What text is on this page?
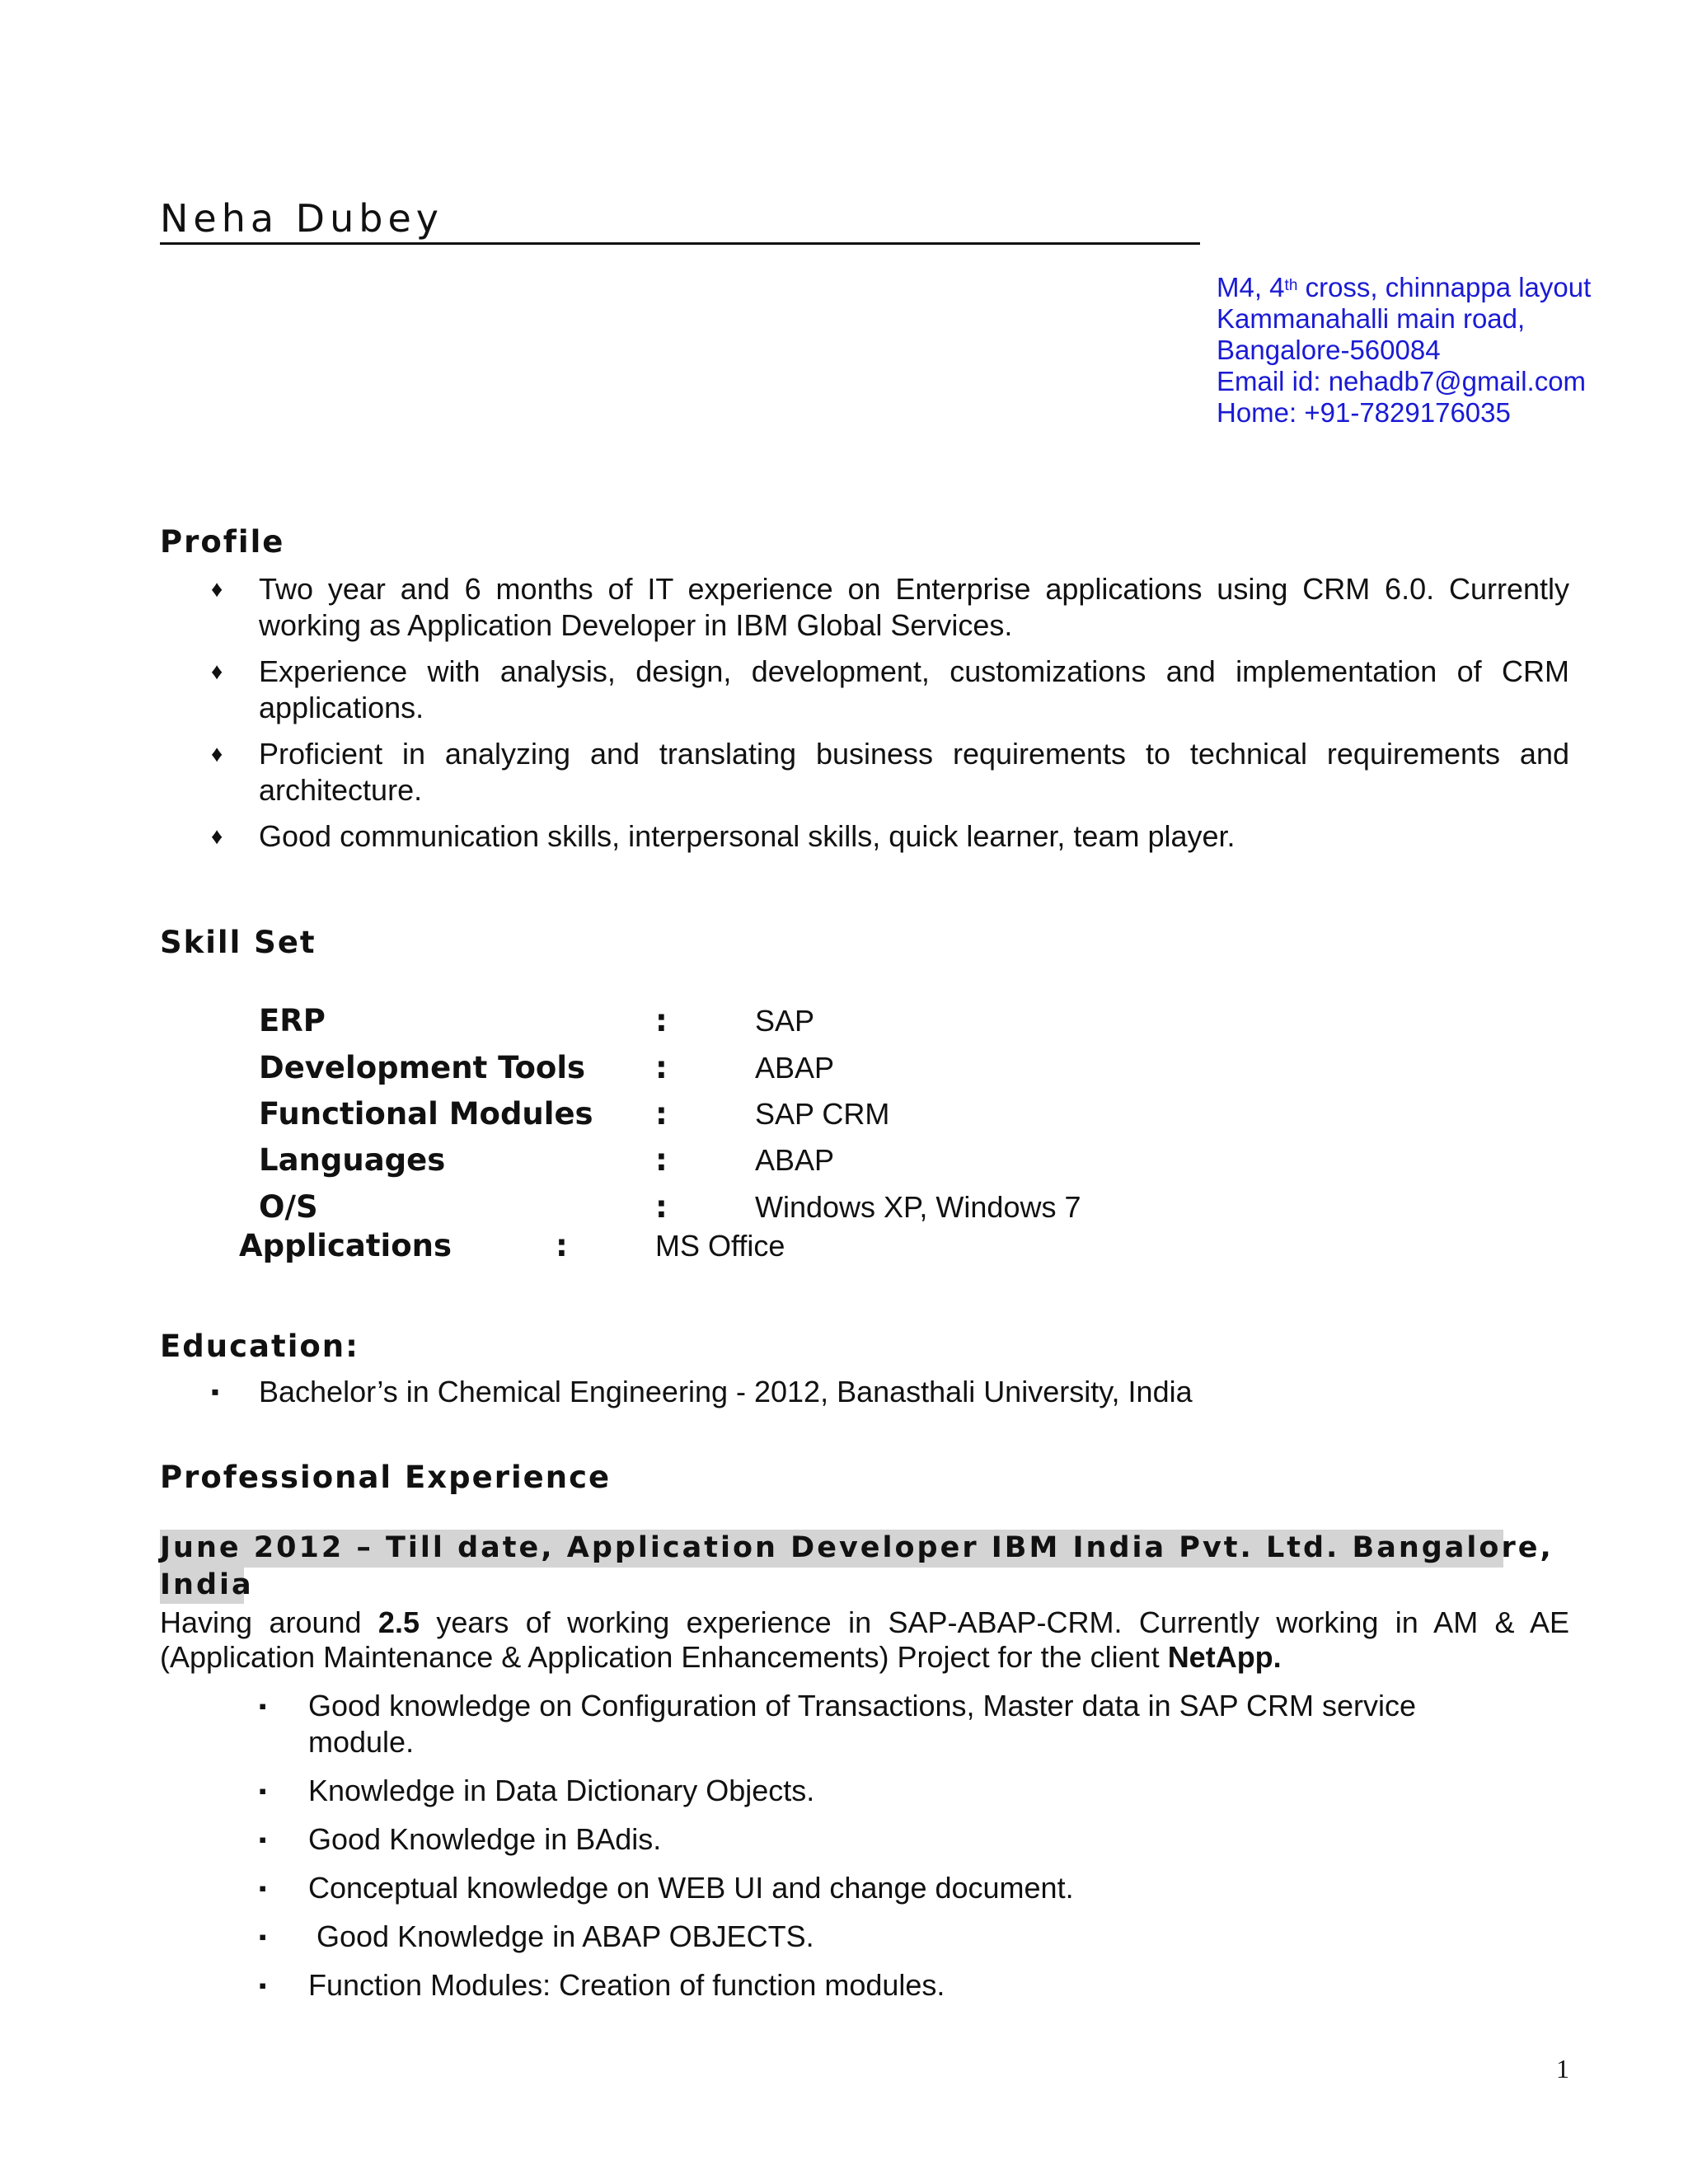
Neha Dubey
M4, 4th cross, chinnappa layout
Kammanahalli main road,
Bangalore-560084
Email id: nehadb7@gmail.com
Home: +91-7829176035
Profile
♦ Two year and 6 months of IT experience on Enterprise applications using CRM 6.0. Currently working as Application Developer in IBM Global Services.
♦ Experience with analysis, design, development, customizations and implementation of CRM applications.
♦ Proficient in analyzing and translating business requirements to technical requirements and architecture.
♦ Good communication skills, interpersonal skills, quick learner, team player.
Skill Set
ERP	:	SAP
Development Tools :	ABAP
Functional Modules :	SAP CRM
Languages	:	ABAP
O/S	:	Windows XP, Windows 7
Applications	:	MS Office
Education:
▪ Bachelor’s in Chemical Engineering - 2012, Banasthali University, India
Professional Experience
June 2012 – Till date, Application Developer IBM India Pvt. Ltd. Bangalore,
India
Having around 2.5 years of working experience in SAP-ABAP-CRM. Currently working in AM & AE (Application Maintenance & Application Enhancements) Project for the client NetApp.
▪ Good knowledge on Configuration of Transactions, Master data in SAP CRM service module.
▪ Knowledge in Data Dictionary Objects.
▪ Good Knowledge in BAdis.
▪ Conceptual knowledge on WEB UI and change document.
▪ Good Knowledge in ABAP OBJECTS.
▪ Function Modules: Creation of function modules.
1
